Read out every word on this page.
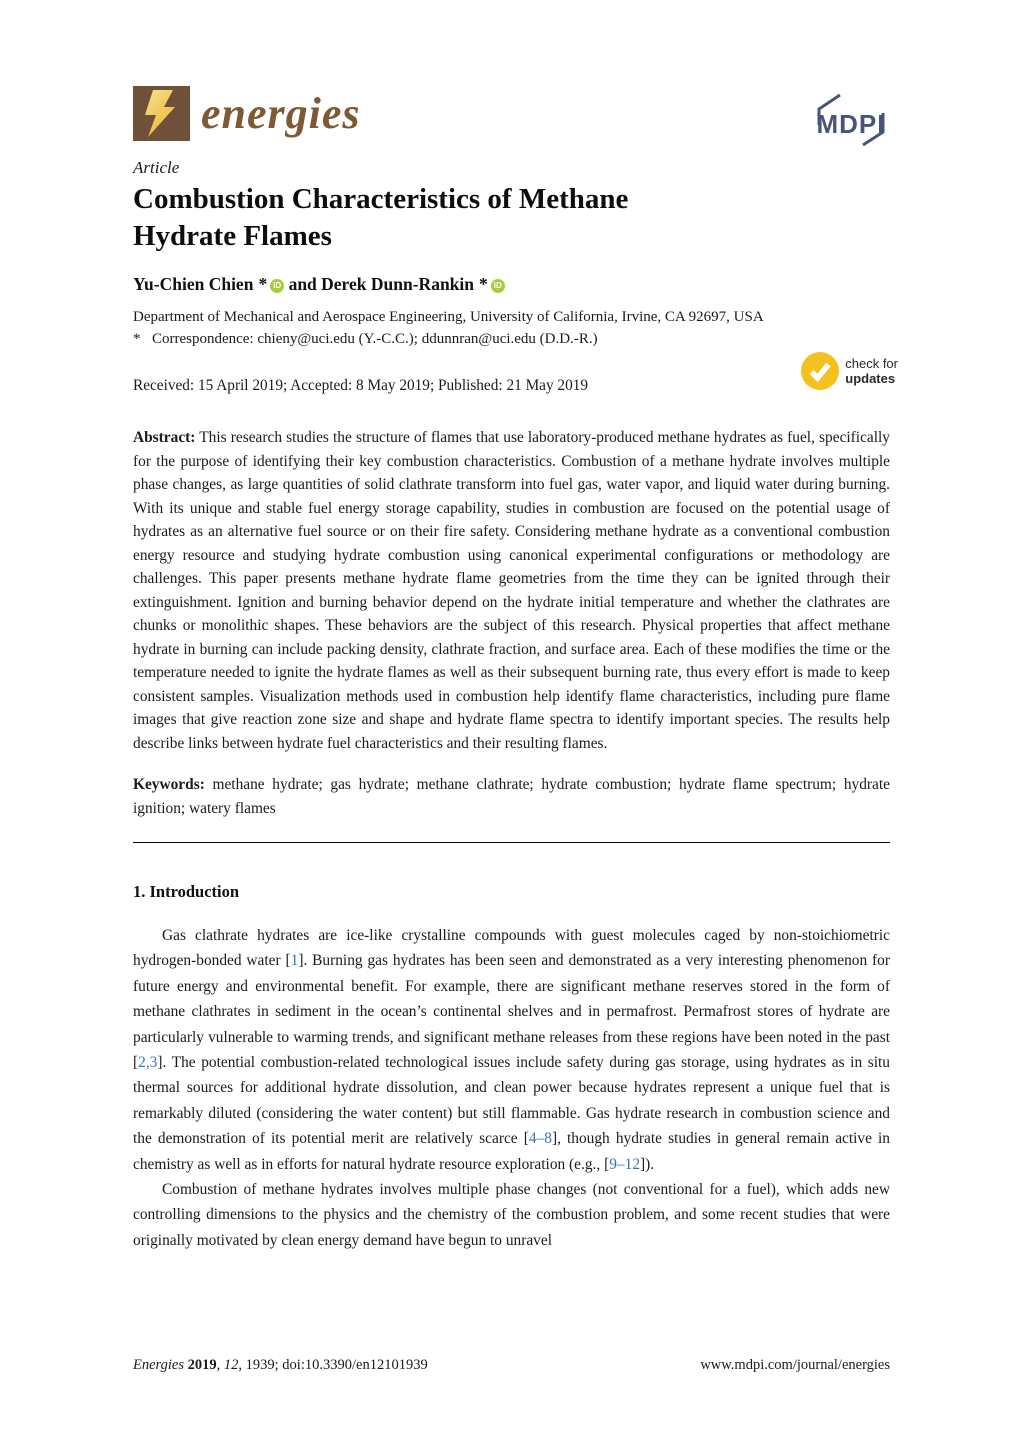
energies	MDPI
Article
Combustion Characteristics of Methane Hydrate Flames
Yu-Chien Chien * iD and Derek Dunn-Rankin * iD
Department of Mechanical and Aerospace Engineering, University of California, Irvine, CA 92697, USA
* Correspondence: chieny@uci.edu (Y.-C.C.); ddunnran@uci.edu (D.D.-R.)
Received: 15 April 2019; Accepted: 8 May 2019; Published: 21 May 2019
check for
updates

Abstract: This research studies the structure of flames that use laboratory-produced methane hydrates as fuel, specifically for the purpose of identifying their key combustion characteristics. Combustion of a methane hydrate involves multiple phase changes, as large quantities of solid clathrate transform into fuel gas, water vapor, and liquid water during burning. With its unique and stable fuel energy storage capability, studies in combustion are focused on the potential usage of hydrates as an alternative fuel source or on their fire safety. Considering methane hydrate as a conventional combustion energy resource and studying hydrate combustion using canonical experimental configurations or methodology are challenges. This paper presents methane hydrate flame geometries from the time they can be ignited through their extinguishment. Ignition and burning behavior depend on the hydrate initial temperature and whether the clathrates are chunks or monolithic shapes. These behaviors are the subject of this research. Physical properties that affect methane hydrate in burning can include packing density, clathrate fraction, and surface area. Each of these modifies the time or the temperature needed to ignite the hydrate flames as well as their subsequent burning rate, thus every effort is made to keep consistent samples. Visualization methods used in combustion help identify flame characteristics, including pure flame images that give reaction zone size and shape and hydrate flame spectra to identify important species. The results help describe links between hydrate fuel characteristics and their resulting flames.

Keywords: methane hydrate; gas hydrate; methane clathrate; hydrate combustion; hydrate flame spectrum; hydrate ignition; watery flames

1. Introduction

Gas clathrate hydrates are ice-like crystalline compounds with guest molecules caged by non-stoichiometric hydrogen-bonded water [1]. Burning gas hydrates has been seen and demonstrated as a very interesting phenomenon for future energy and environmental benefit. For example, there are significant methane reserves stored in the form of methane clathrates in sediment in the ocean’s continental shelves and in permafrost. Permafrost stores of hydrate are particularly vulnerable to warming trends, and significant methane releases from these regions have been noted in the past [2,3]. The potential combustion-related technological issues include safety during gas storage, using hydrates as in situ thermal sources for additional hydrate dissolution, and clean power because hydrates represent a unique fuel that is remarkably diluted (considering the water content) but still flammable. Gas hydrate research in combustion science and the demonstration of its potential merit are relatively scarce [4–8], though hydrate studies in general remain active in chemistry as well as in efforts for natural hydrate resource exploration (e.g., [9–12]).

Combustion of methane hydrates involves multiple phase changes (not conventional for a fuel), which adds new controlling dimensions to the physics and the chemistry of the combustion problem, and some recent studies that were originally motivated by clean energy demand have begun to unravel

Energies 2019, 12, 1939; doi:10.3390/en12101939	www.mdpi.com/journal/energies
